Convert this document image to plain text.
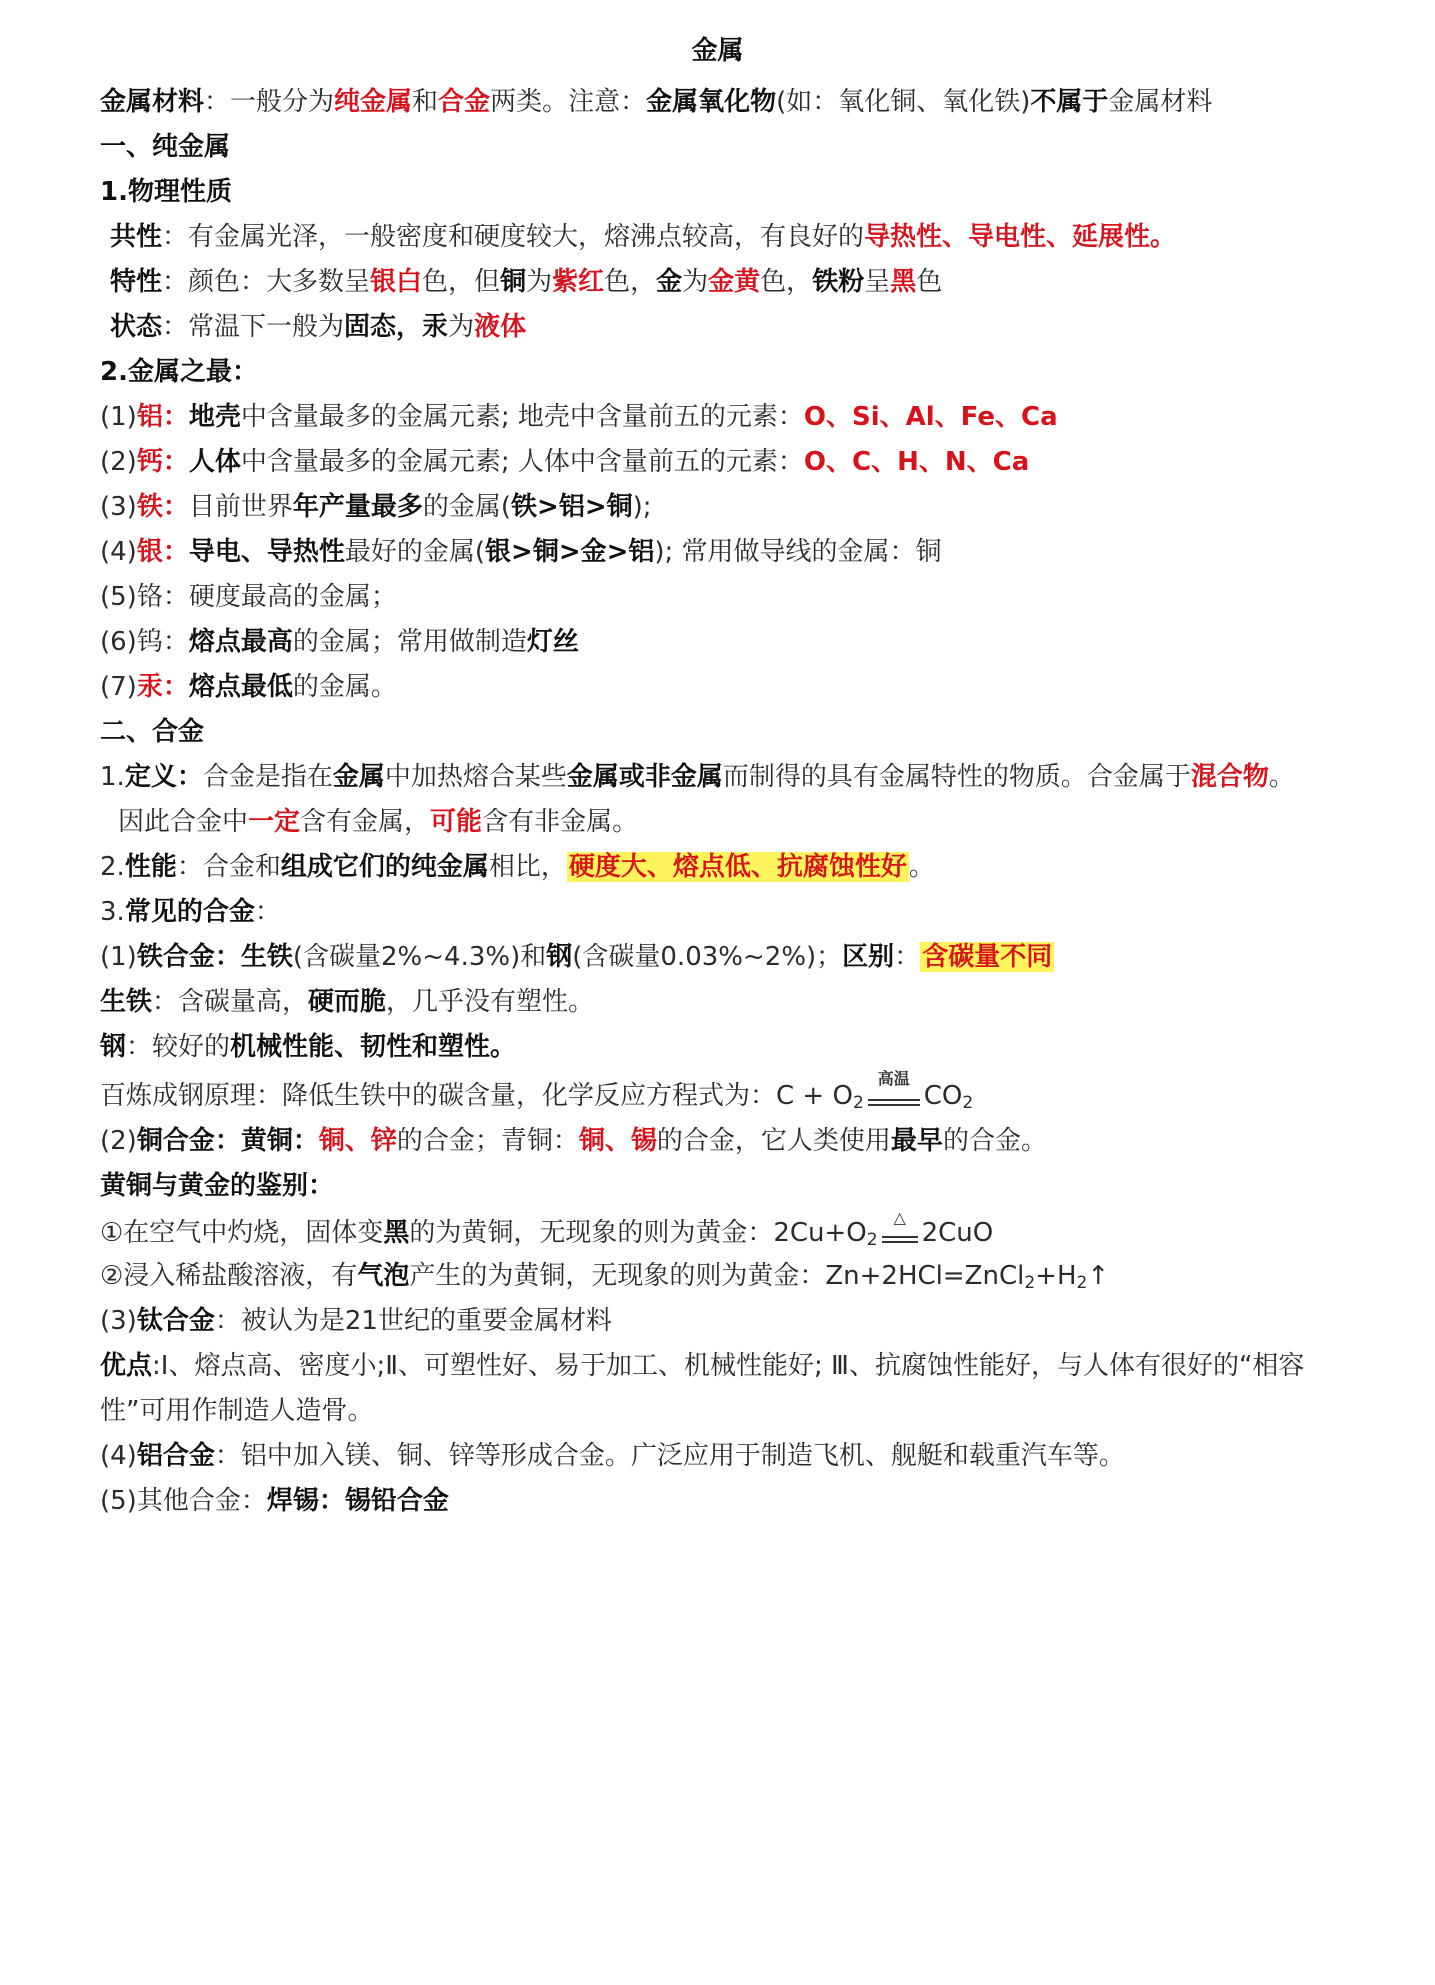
金属
金属材料：一般分为纯金属和合金两类。注意：金属氧化物(如：氧化铜、氧化铁)不属于金属材料
一、纯金属
1.物理性质
共性：有金属光泽，一般密度和硬度较大，熔沸点较高，有良好的导热性、导电性、延展性。
特性：颜色：大多数呈银白色，但铜为紫红色，金为金黄色，铁粉呈黑色
状态：常温下一般为固态，汞为液体
2.金属之最：
(1)铝：地壳中含量最多的金属元素; 地壳中含量前五的元素：O、Si、Al、Fe、Ca
(2)钙：人体中含量最多的金属元素; 人体中含量前五的元素：O、C、H、N、Ca
(3)铁：目前世界年产量最多的金属(铁>铝>铜);
(4)银：导电、导热性最好的金属(银>铜>金>铝); 常用做导线的金属：铜
(5)铬：硬度最高的金属；
(6)钨：熔点最高的金属；常用做制造灯丝
(7)汞：熔点最低的金属。
二、合金
1.定义：合金是指在金属中加热熔合某些金属或非金属而制得的具有金属特性的物质。合金属于混合物。
因此合金中一定含有金属，可能含有非金属。
2.性能：合金和组成它们的纯金属相比，硬度大、熔点低、抗腐蚀性好。
3.常见的合金：
(1)铁合金：生铁(含碳量2%~4.3%)和钢(含碳量0.03%~2%)；区别：含碳量不同
生铁：含碳量高，硬而脆，几乎没有塑性。
钢：较好的机械性能、韧性和塑性。
百炼成钢原理：降低生铁中的碳含量，化学反应方程式为：$C + O_2$
高温
$CO_2$
(2)铜合金：黄铜：铜、锌的合金；青铜：铜、锡的合金，它人类使用最早的合金。
黄铜与黄金的鉴别：
①在空气中灼烧，固体变黑的为黄铜，无现象的则为黄金：$2Cu+O_2$
△
2CuO
②浸入稀盐酸溶液，有气泡产生的为黄铜，无现象的则为黄金：$Zn+2HCl=ZnCl_2+H_2↑$
(3)钛合金：被认为是21世纪的重要金属材料
优点:Ⅰ、熔点高、密度小;Ⅱ、可塑性好、易于加工、机械性能好; Ⅲ、抗腐蚀性能好，与人体有很好的“相容
性”可用作制造人造骨。
(4)铝合金：铝中加入镁、铜、锌等形成合金。广泛应用于制造飞机、舰艇和载重汽车等。
(5)其他合金：焊锡：锡铅合金
